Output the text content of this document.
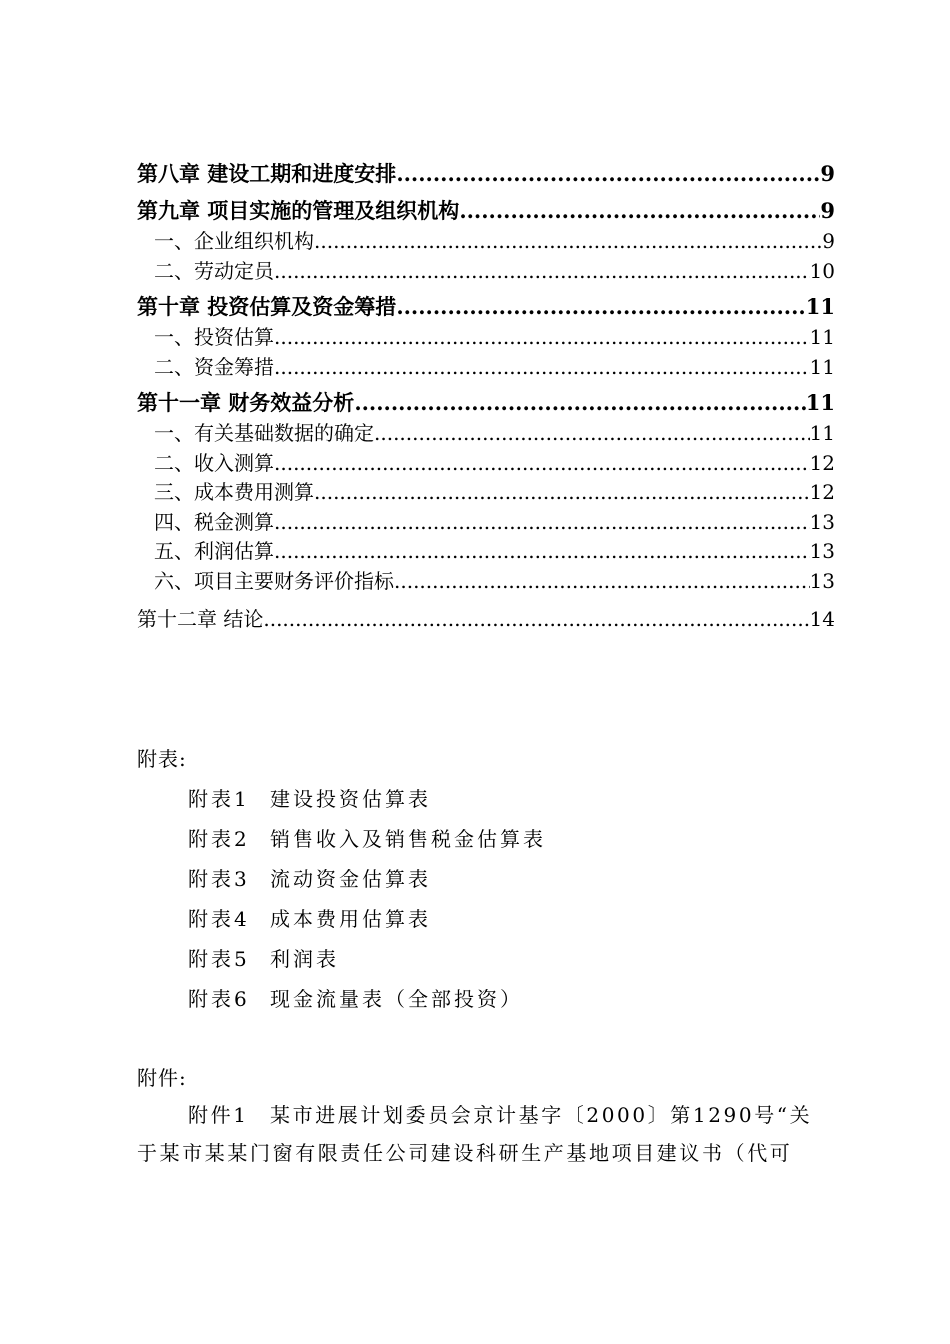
第八章 建设工期和进度安排 .....	9
第九章 项目实施的管理及组织机构 .....	9
一、企业组织机构 .....	9
二、劳动定员 .....	10
第十章 投资估算及资金筹措 .....	11
一、投资估算 .....	11
二、资金筹措 .....	11
第十一章 财务效益分析 .....	11
一、有关基础数据的确定 .....	11
二、收入测算 .....	12
三、成本费用测算 .....	12
四、税金测算 .....	13
五、利润估算 .....	13
六、项目主要财务评价指标 .....	13
第十二章 结论 .....	14
附表:
附表1 建设投资估算表
附表2 销售收入及销售税金估算表
附表3 流动资金估算表
附表4 成本费用估算表
附表5 利润表
附表6 现金流量表（全部投资）
附件:
附件1 某市进展计划委员会京计基字〔2000〕第1290号“关
于某市某某门窗有限责任公司建设科研生产基地项目建议书（代可
